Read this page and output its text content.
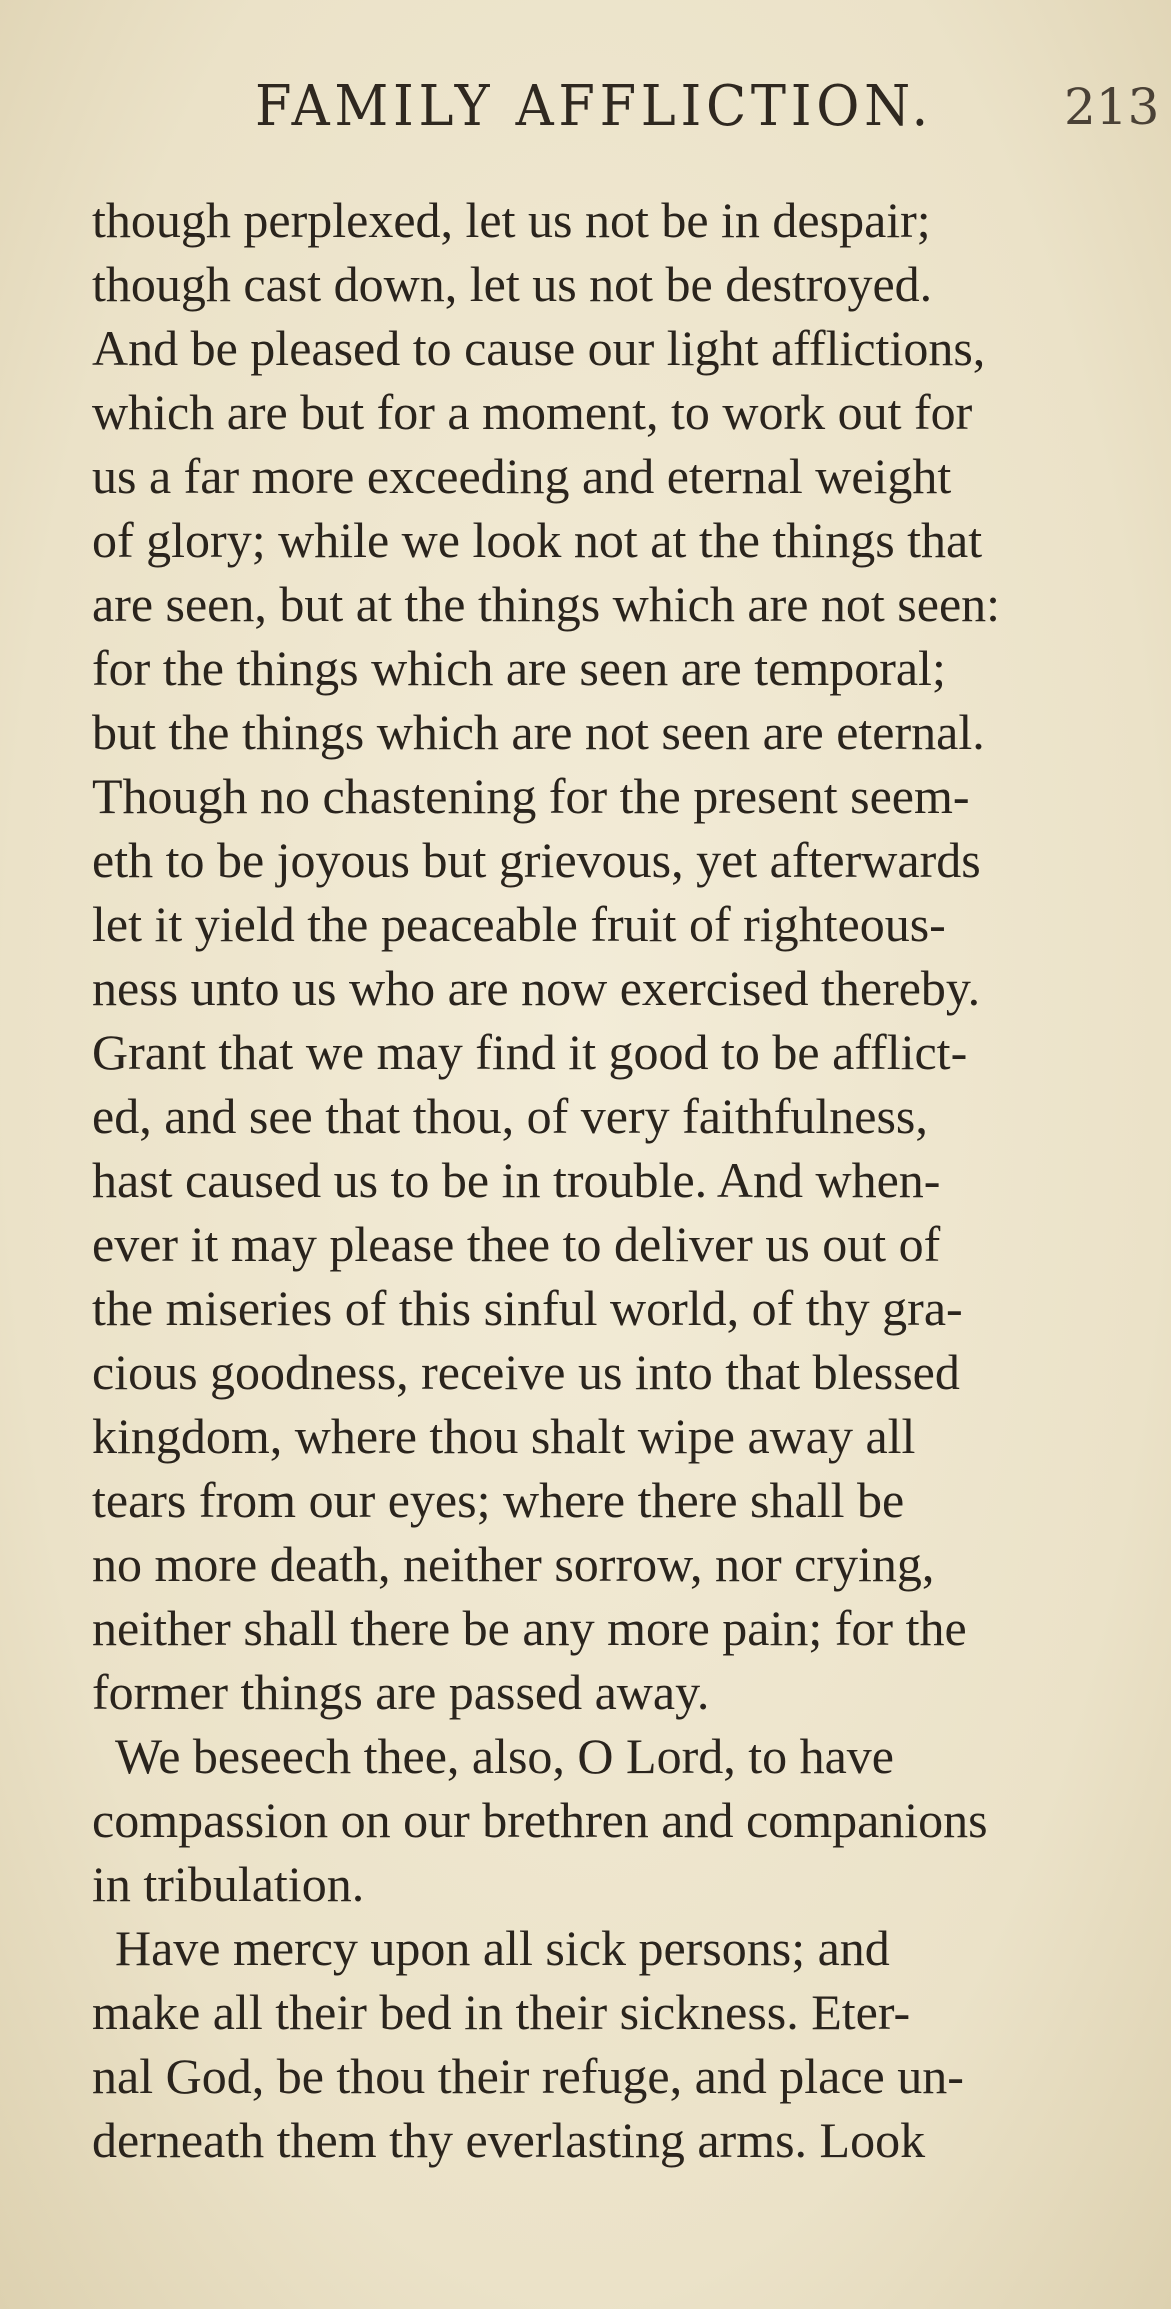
FAMILY AFFLICTION.	213
though perplexed, let us not be in despair;
though cast down, let us not be destroyed.
And be pleased to cause our light afflictions,
which are but for a moment, to work out for
us a far more exceeding and eternal weight
of glory; while we look not at the things that
are seen, but at the things which are not seen:
for the things which are seen are temporal;
but the things which are not seen are eternal.
Though no chastening for the present seem-
eth to be joyous but grievous, yet afterwards
let it yield the peaceable fruit of righteous-
ness unto us who are now exercised thereby.
Grant that we may find it good to be afflict-
ed, and see that thou, of very faithfulness,
hast caused us to be in trouble. And when-
ever it may please thee to deliver us out of
the miseries of this sinful world, of thy gra-
cious goodness, receive us into that blessed
kingdom, where thou shalt wipe away all
tears from our eyes; where there shall be
no more death, neither sorrow, nor crying,
neither shall there be any more pain; for the
former things are passed away.
We beseech thee, also, O Lord, to have
compassion on our brethren and companions
in tribulation.
Have mercy upon all sick persons; and
make all their bed in their sickness. Eter-
nal God, be thou their refuge, and place un-
derneath them thy everlasting arms. Look
